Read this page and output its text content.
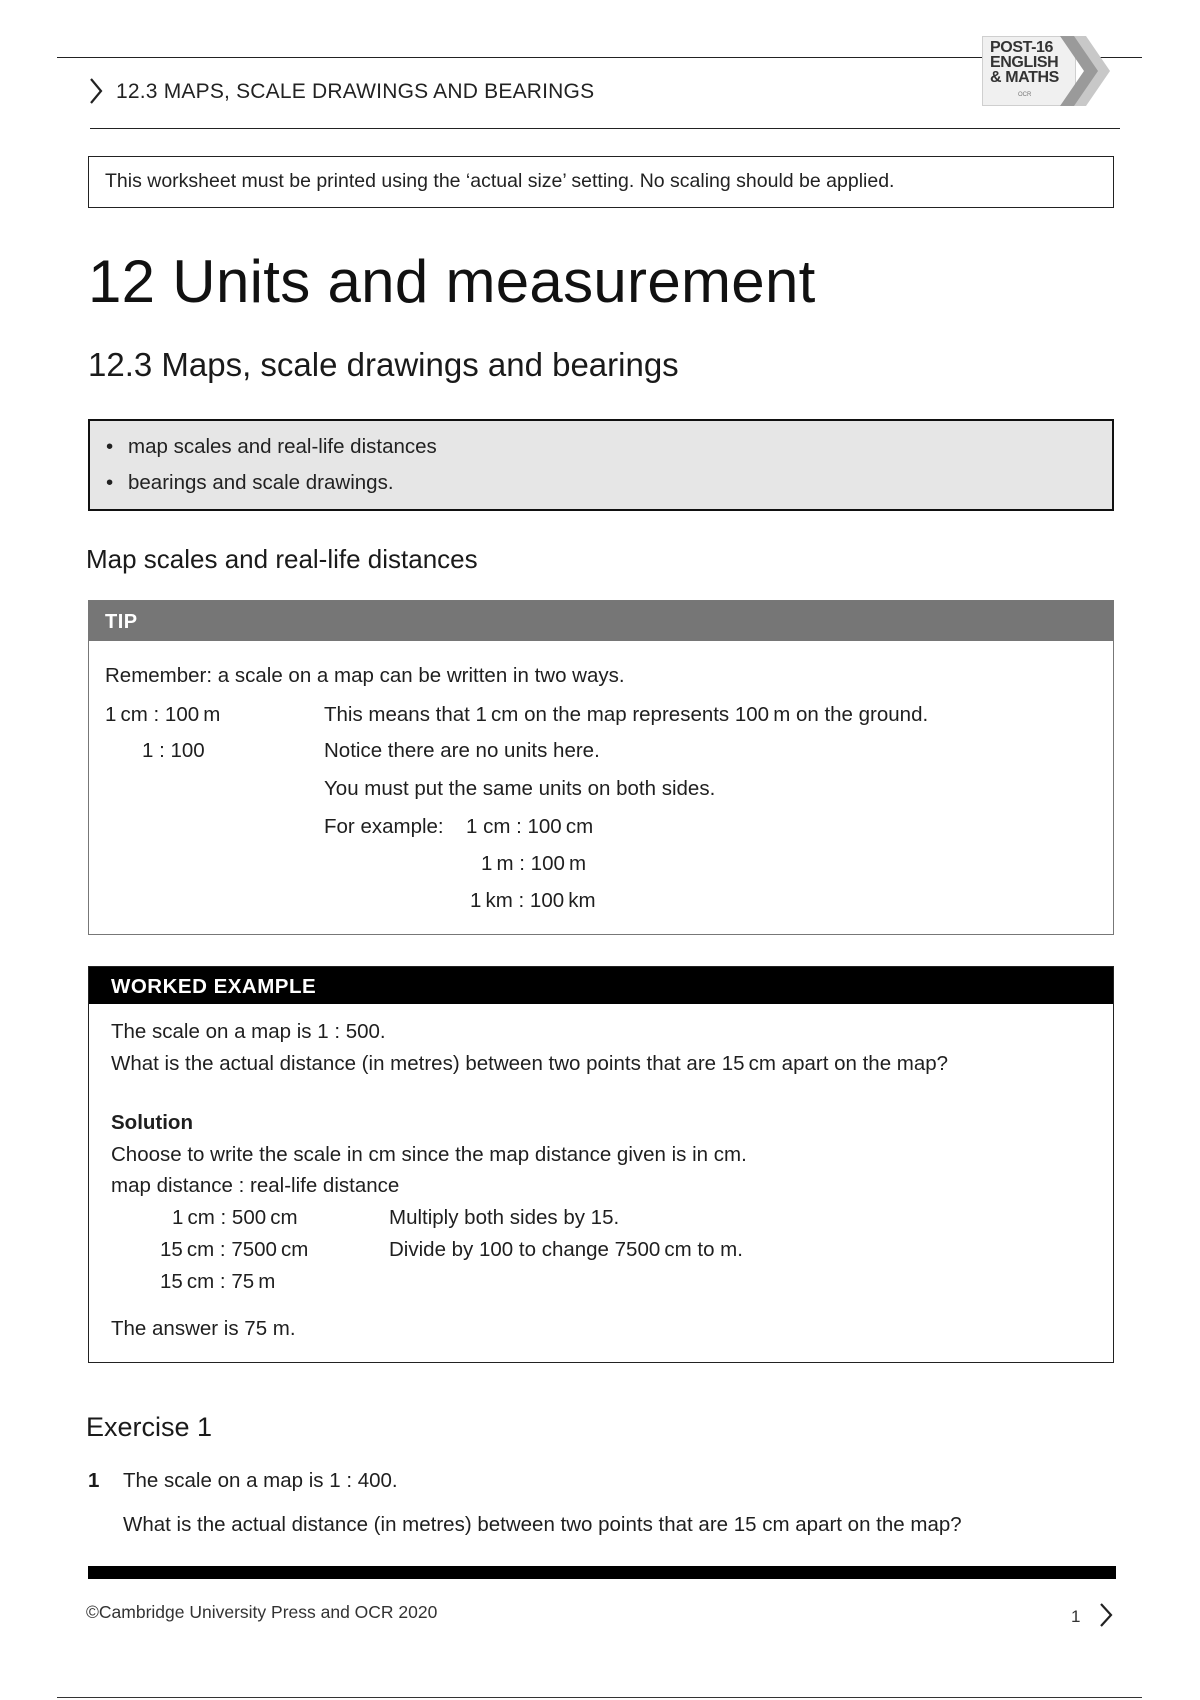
12.3 MAPS, SCALE DRAWINGS AND BEARINGS
POST-16
ENGLISH
& MATHS
OCR
This worksheet must be printed using the ‘actual size’ setting. No scaling should be applied.
12 Units and measurement
12.3 Maps, scale drawings and bearings
• map scales and real-life distances
• bearings and scale drawings.
Map scales and real-life distances
TIP
Remember: a scale on a map can be written in two ways.
1 cm : 100 m	This means that 1 cm on the map represents 100 m on the ground.
1 : 100	Notice there are no units here.
You must put the same units on both sides.
For example: 1 cm : 100 cm
1 m : 100 m
1 km : 100 km
WORKED EXAMPLE
The scale on a map is 1 : 500.
What is the actual distance (in metres) between two points that are 15 cm apart on the map?
Solution
Choose to write the scale in cm since the map distance given is in cm.
map distance : real-life distance
1 cm : 500 cm	Multiply both sides by 15.
15 cm : 7500 cm	Divide by 100 to change 7500 cm to m.
15 cm : 75 m
The answer is 75 m.
Exercise 1
1 The scale on a map is 1 : 400.
What is the actual distance (in metres) between two points that are 15 cm apart on the map?
©Cambridge University Press and OCR 2020	1
